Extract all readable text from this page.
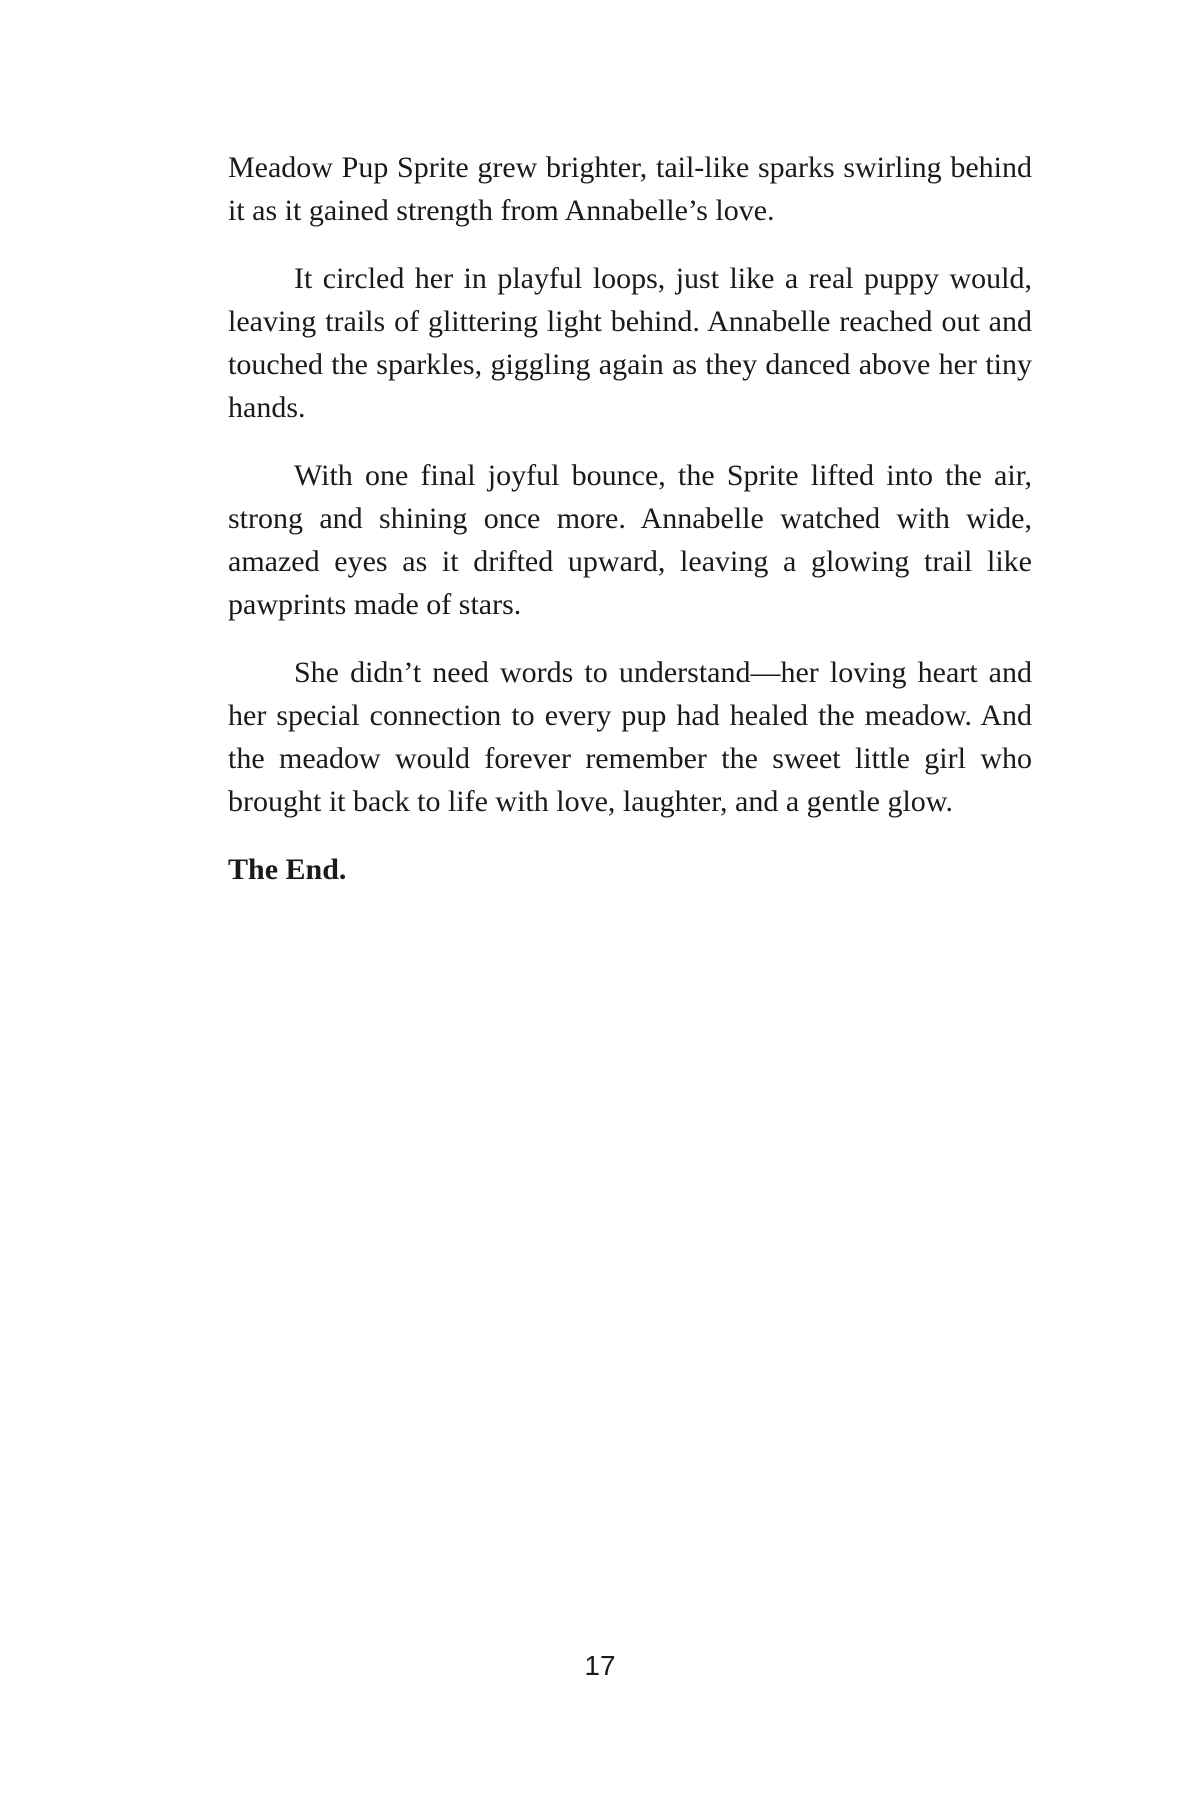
Meadow Pup Sprite grew brighter, tail-like sparks swirling behind it as it gained strength from Annabelle’s love.

It circled her in playful loops, just like a real puppy would, leaving trails of glittering light behind. Annabelle reached out and touched the sparkles, giggling again as they danced above her tiny hands.

With one final joyful bounce, the Sprite lifted into the air, strong and shining once more. Annabelle watched with wide, amazed eyes as it drifted upward, leaving a glowing trail like pawprints made of stars.

She didn’t need words to understand—her loving heart and her special connection to every pup had healed the meadow. And the meadow would forever remember the sweet little girl who brought it back to life with love, laughter, and a gentle glow.

The End.

17
